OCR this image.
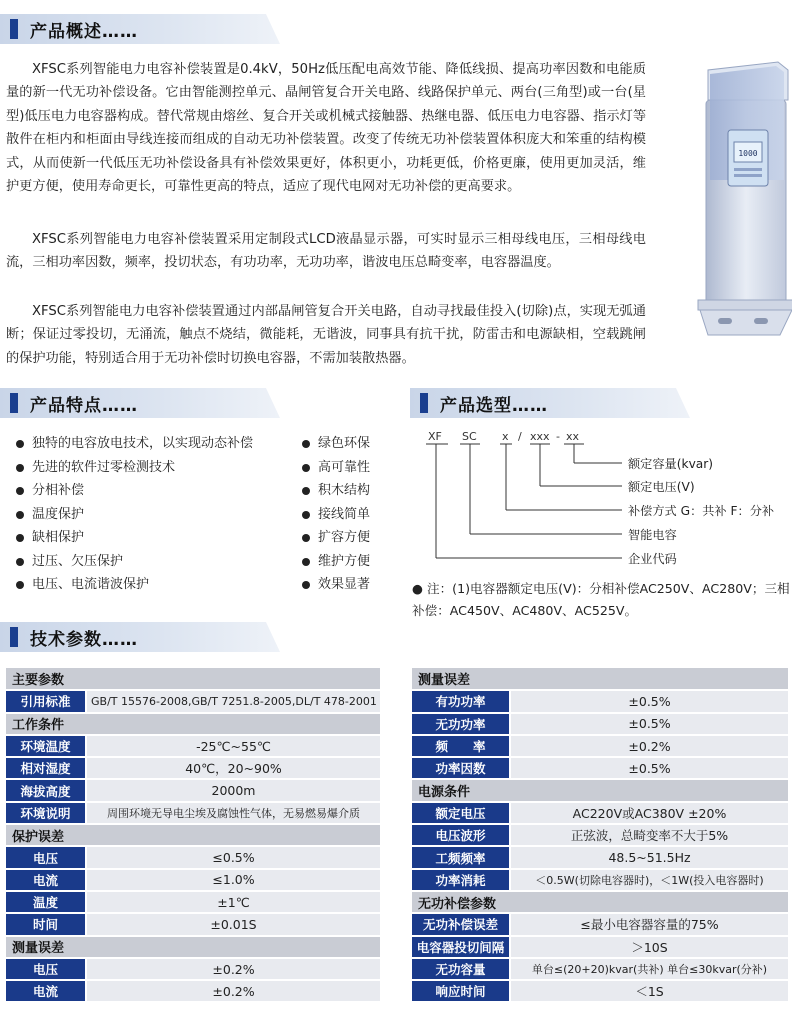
产品概述……
XFSC系列智能电力电容补偿装置是0.4kV，50Hz低压配电高效节能、降低线损、提高功率因数和电能质量的新一代无功补偿设备。它由智能测控单元、晶闸管复合开关电路、线路保护单元、两台(三角型)或一台(星型)低压电力电容器构成。替代常规由熔丝、复合开关或机械式接触器、热继电器、低压电力电容器、指示灯等散件在柜内和柜面由导线连接而组成的自动无功补偿装置。改变了传统无功补偿装置体积庞大和笨重的结构模式，从而使新一代低压无功补偿设备具有补偿效果更好，体积更小，功耗更低，价格更廉，使用更加灵活，维护更方便，使用寿命更长，可靠性更高的特点，适应了现代电网对无功补偿的更高要求。
XFSC系列智能电力电容补偿装置采用定制段式LCD液晶显示器，可实时显示三相母线电压，三相母线电流，三相功率因数，频率，投切状态，有功功率，无功功率，谐波电压总畸变率，电容器温度。
XFSC系列智能电力电容补偿装置通过内部晶闸管复合开关电路，自动寻找最佳投入(切除)点，实现无弧通断；保证过零投切，无涌流，触点不烧结，微能耗，无谐波，同事具有抗干扰，防雷击和电源缺相，空载跳闸的保护功能，特别适合用于无功补偿时切换电容器，不需加装散热器。
1000
产品特点……
独特的电容放电技术，以实现动态补偿
先进的软件过零检测技术
分相补偿
温度保护
缺相保护
过压、欠压保护
电压、电流谐波保护
绿色环保
高可靠性
积木结构
接线简单
扩容方便
维护方便
效果显著
产品选型……
XF SC x / xxx - xx
额定容量(kvar)
额定电压(V)
补偿方式 G：共补 F：分补
智能电容
企业代码
● 注：(1)电容器额定电压(V)：分相补偿AC250V、AC280V；三相补偿：AC450V、AC480V、AC525V。
技术参数……
主要参数	
引用标准	GB/T 15576-2008,GB/T 7251.8-2005,DL/T 478-2001
工作条件	
环境温度	-25℃~55℃
相对湿度	40℃，20~90%
海拔高度	2000m
环境说明	周围环境无导电尘埃及腐蚀性气体，无易燃易爆介质
保护误差	
电压	≤0.5%
电流	≤1.0%
温度	±1℃
时间	±0.01S
测量误差	
电压	±0.2%
电流	±0.2%
测量误差	
有功功率	±0.5%
无功功率	±0.5%
频　　率	±0.2%
功率因数	±0.5%
电源条件	
额定电压	AC220V或AC380V ±20%
电压波形	正弦波，总畸变率不大于5%
工频频率	48.5~51.5Hz
功率消耗	＜0.5W(切除电容器时)，＜1W(投入电容器时)
无功补偿参数	
无功补偿误差	≤最小电容器容量的75%
电容器投切间隔	＞10S
无功容量	单台≤(20+20)kvar(共补) 单台≤30kvar(分补)
响应时间	＜1S
